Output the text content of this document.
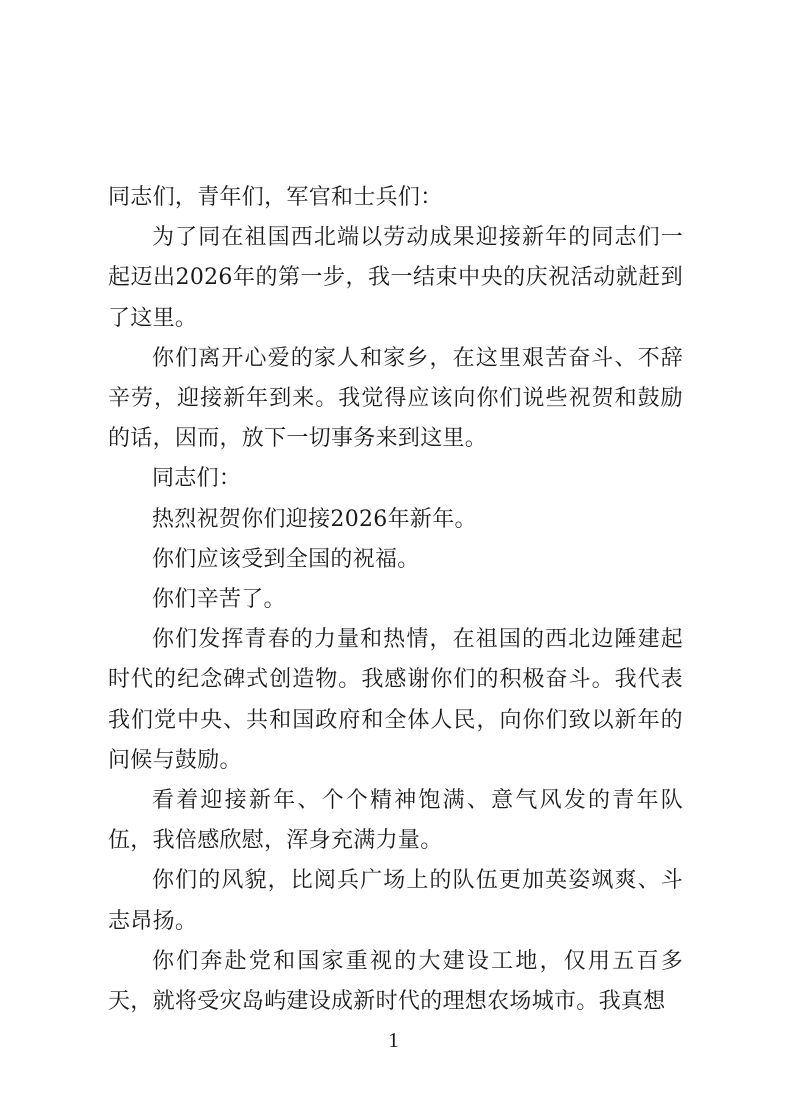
同志们，青年们，军官和士兵们：

为了同在祖国西北端以劳动成果迎接新年的同志们一起迈出2026年的第一步，我一结束中央的庆祝活动就赶到了这里。

你们离开心爱的家人和家乡，在这里艰苦奋斗、不辞辛劳，迎接新年到来。我觉得应该向你们说些祝贺和鼓励的话，因而，放下一切事务来到这里。

同志们：

热烈祝贺你们迎接2026年新年。

你们应该受到全国的祝福。

你们辛苦了。

你们发挥青春的力量和热情，在祖国的西北边陲建起时代的纪念碑式创造物。我感谢你们的积极奋斗。我代表我们党中央、共和国政府和全体人民，向你们致以新年的问候与鼓励。

看着迎接新年、个个精神饱满、意气风发的青年队伍，我倍感欣慰，浑身充满力量。

你们的风貌，比阅兵广场上的队伍更加英姿飒爽、斗志昂扬。

你们奔赴党和国家重视的大建设工地，仅用五百多天，就将受灾岛屿建设成新时代的理想农场城市。我真想

1
